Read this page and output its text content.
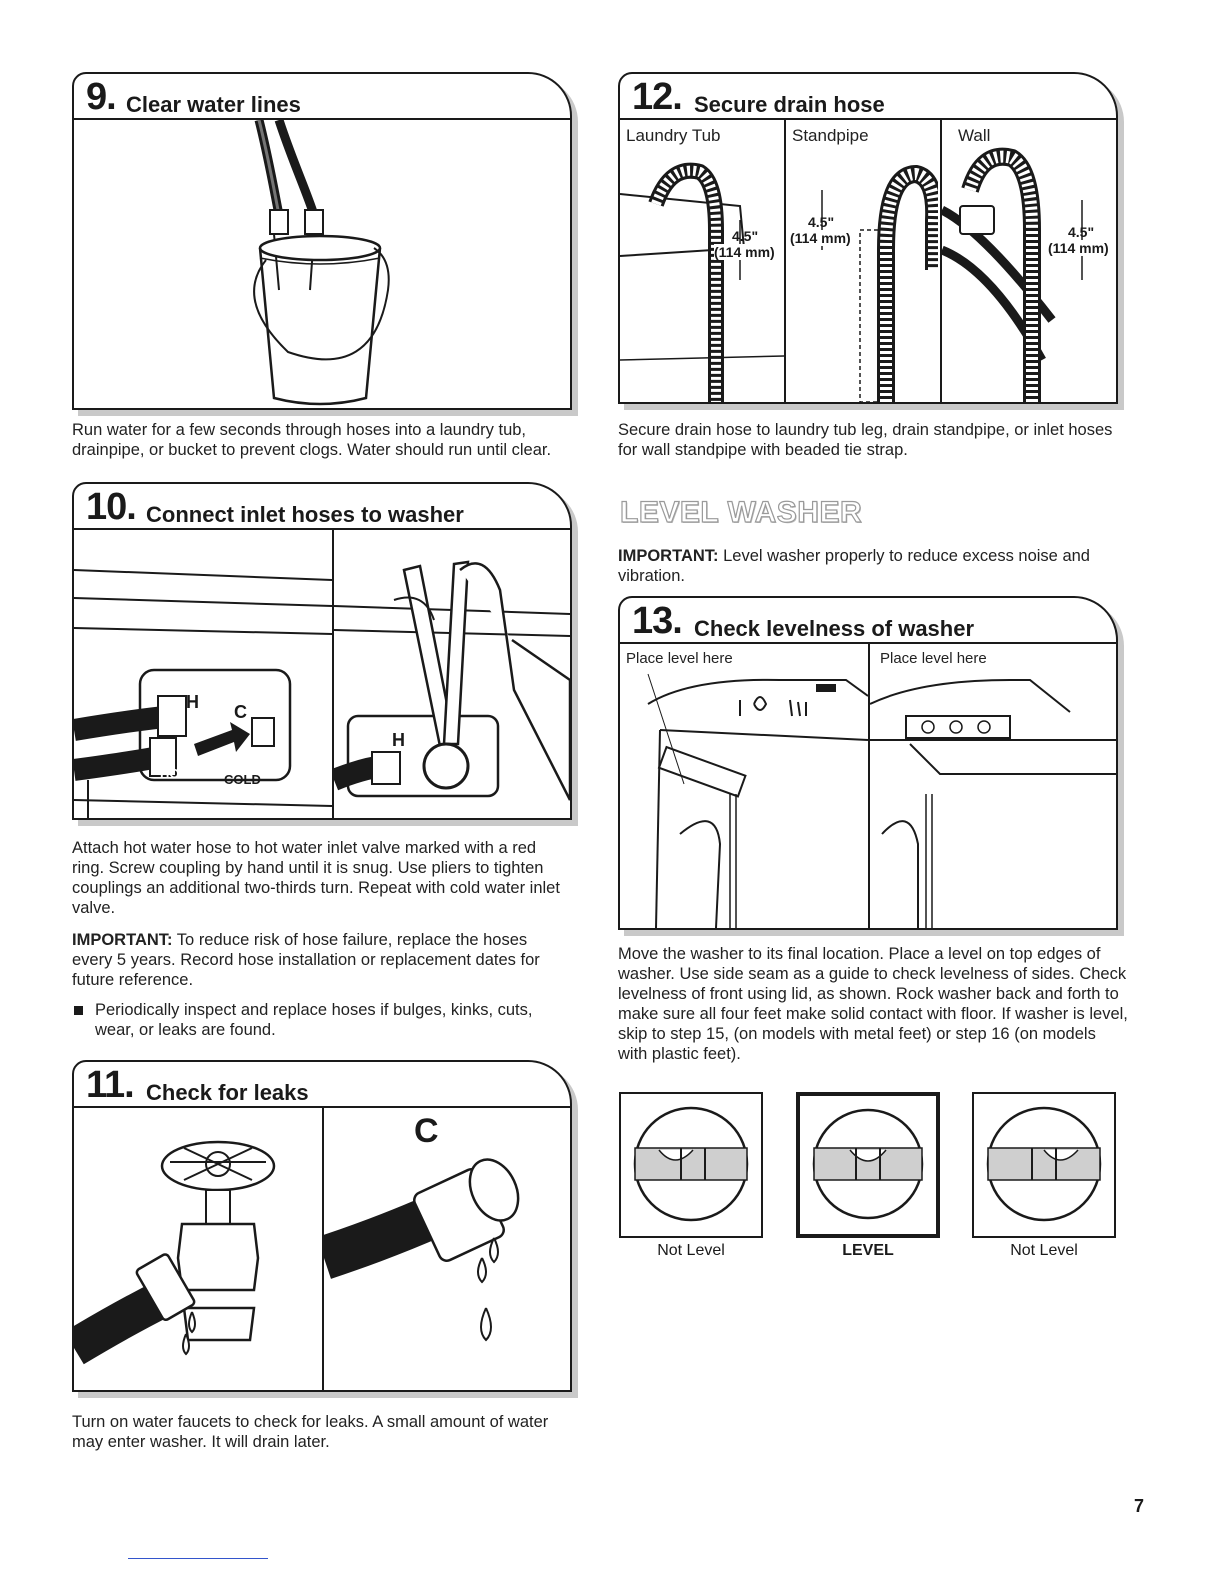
9. Clear water lines
Run water for a few seconds through hoses into a laundry tub, drainpipe, or bucket to prevent clogs. Water should run until clear.
10. Connect inlet hoses to washer
H C
HOT	COLD
H
Attach hot water hose to hot water inlet valve marked with a red ring. Screw coupling by hand until it is snug. Use pliers to tighten couplings an additional two-thirds turn. Repeat with cold water inlet valve.
IMPORTANT: To reduce risk of hose failure, replace the hoses every 5 years. Record hose installation or replacement dates for future reference.
Periodically inspect and replace hoses if bulges, kinks, cuts, wear, or leaks are found.
11. Check for leaks
C
Turn on water faucets to check for leaks. A small amount of water may enter washer. It will drain later.
12. Secure drain hose
Laundry Tub
4.5"
(114 mm)
Standpipe
4.5"
(114 mm)
Wall
4.5"
(114 mm)
Secure drain hose to laundry tub leg, drain standpipe, or inlet hoses for wall standpipe with beaded tie strap.
LEVEL WASHER
IMPORTANT: Level washer properly to reduce excess noise and vibration.
13. Check levelness of washer
Place level here	Place level here
Move the washer to its final location. Place a level on top edges of washer. Use side seam as a guide to check levelness of sides. Check levelness of front using lid, as shown. Rock washer back and forth to make sure all four feet make solid contact with floor. If washer is level, skip to step 15, (on models with metal feet) or step 16 (on models with plastic feet).
Not Level	LEVEL	Not Level
7
